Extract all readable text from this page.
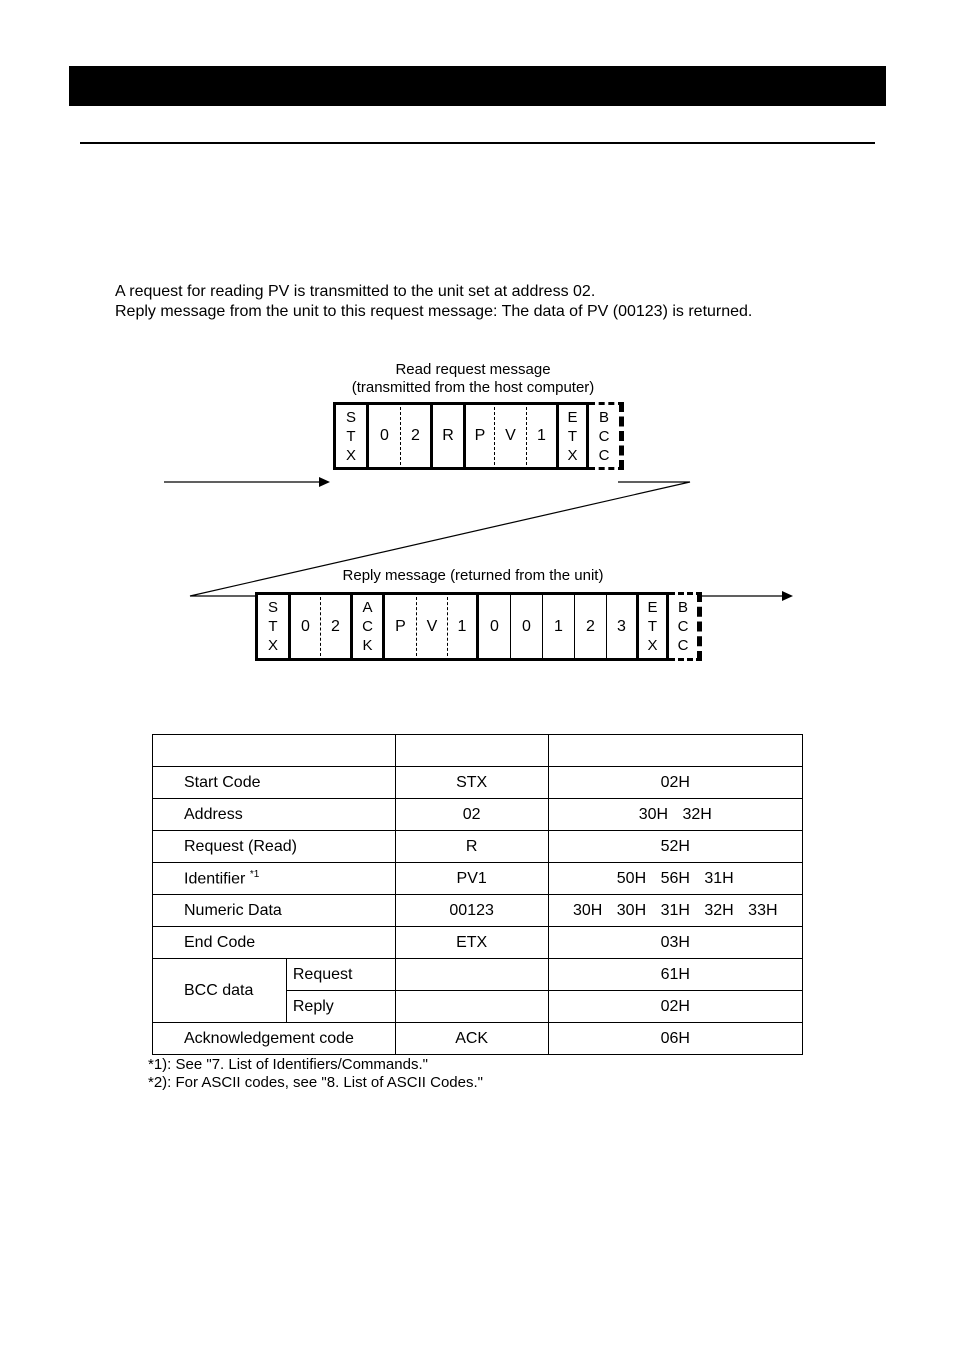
A request for reading PV is transmitted to the unit set at address 02.
Reply message from the unit to this request message: The data of PV (00123) is returned.
Read request message
(transmitted from the host computer)
S
T
X
0	2	R	P	V	1
E
T
X
B
C
C
Reply message (returned from the unit)
S
T
X
0	2
A
C
K
P	V	1	0	0	1	2	3
E
T
X
B
C
C

Start Code		STX	02H
Address		02	30H 32H
Request (Read)		R	52H
Identifier $^{*1}$		PV1	50H 56H 31H
Numeric Data		00123	30H 30H 31H 32H 33H
End Code		ETX	03H
BCC data	Request		61H
	Reply		02H
Acknowledgement code		ACK	06H
*1): See "7. List of Identifiers/Commands."
*2): For ASCII codes, see "8. List of ASCII Codes."
